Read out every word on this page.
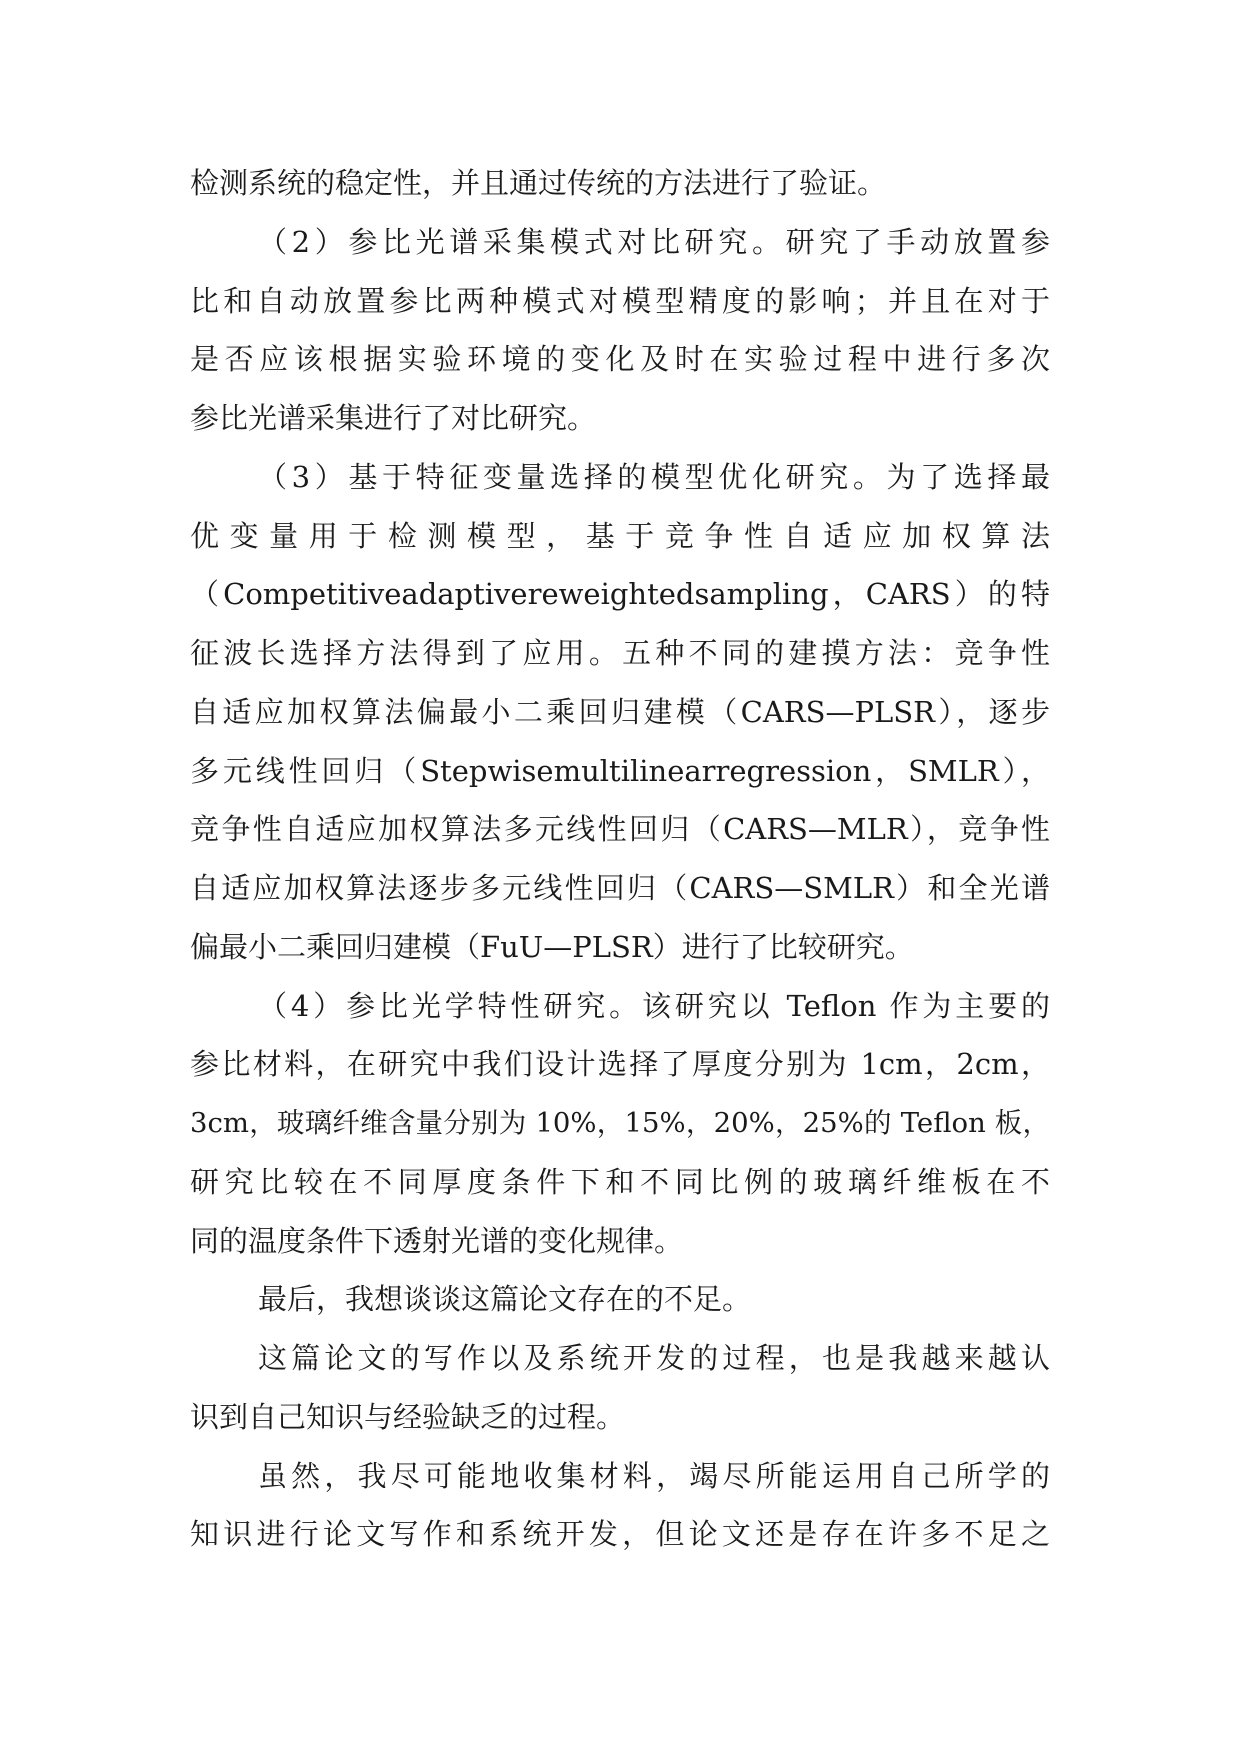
检测系统的稳定性，并且通过传统的方法进行了验证。
（2）参比光谱采集模式对比研究。研究了手动放置参
比和自动放置参比两种模式对模型精度的影响；并且在对于
是否应该根据实验环境的变化及时在实验过程中进行多次
参比光谱采集进行了对比研究。
（3）基于特征变量选择的模型优化研究。为了选择最
优变量用于检测模型，基于竞争性自适应加权算法
（Competitiveadaptivereweightedsampling，CARS）的特
征波长选择方法得到了应用。五种不同的建摸方法：竞争性
自适应加权算法偏最小二乘回归建模（CARS—PLSR），逐步
多元线性回归（Stepwisemultilinearregression，SMLR），
竞争性自适应加权算法多元线性回归（CARS—MLR），竞争性
自适应加权算法逐步多元线性回归（CARS—SMLR）和全光谱
偏最小二乘回归建模（FuU—PLSR）进行了比较研究。
（4）参比光学特性研究。该研究以 Teflon 作为主要的
参比材料，在研究中我们设计选择了厚度分别为 1cm，2cm，
3cm，玻璃纤维含量分别为 10%，15%，20%，25%的 Teflon 板，
研究比较在不同厚度条件下和不同比例的玻璃纤维板在不
同的温度条件下透射光谱的变化规律。
最后，我想谈谈这篇论文存在的不足。
这篇论文的写作以及系统开发的过程，也是我越来越认
识到自己知识与经验缺乏的过程。
虽然，我尽可能地收集材料，竭尽所能运用自己所学的
知识进行论文写作和系统开发，但论文还是存在许多不足之
